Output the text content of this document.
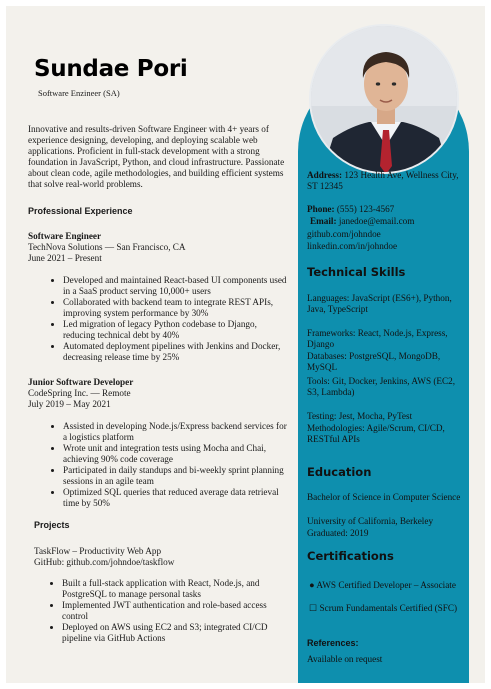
Sundae Pori
Software Enzineer (SA)
Innovative and results-driven Software Engineer with 4+ years of experience designing, developing, and deploying scalable web applications. Proficient in full-stack development with a strong foundation in JavaScript, Python, and cloud infrastructure. Passionate about clean code, agile methodologies, and building efficient systems that solve real-world problems.
Professional Experience
Software Engineer
TechNova Solutions — San Francisco, CA
June 2021 – Present
• Developed and maintained React-based UI components used in a SaaS product serving 10,000+ users
• Collaborated with backend team to integrate REST APIs, improving system performance by 30%
• Led migration of legacy Python codebase to Django, reducing technical debt by 40%
• Automated deployment pipelines with Jenkins and Docker, decreasing release time by 25%
Junior Software Developer
CodeSpring Inc. — Remote
July 2019 – May 2021
• Assisted in developing Node.js/Express backend services for a logistics platform
• Wrote unit and integration tests using Mocha and Chai, achieving 90% code coverage
• Participated in daily standups and bi-weekly sprint planning sessions in an agile team
• Optimized SQL queries that reduced average data retrieval time by 50%
Projects
TaskFlow – Productivity Web App
GitHub: github.com/johndoe/taskflow
• Built a full-stack application with React, Node.js, and PostgreSQL to manage personal tasks
• Implemented JWT authentication and role-based access control
• Deployed on AWS using EC2 and S3; integrated CI/CD pipeline via GitHub Actions
Address: 123 Health Ave, Wellness City, ST 12345
Phone: (555) 123-4567
Email: janedoe@email.com
github.com/johndoe
linkedin.com/in/johndoe
Technical Skills
Languages: JavaScript (ES6+), Python, Java, TypeScript
Frameworks: React, Node.js, Express, Django
Databases: PostgreSQL, MongoDB, MySQL
Tools: Git, Docker, Jenkins, AWS (EC2, S3, Lambda)
Testing: Jest, Mocha, PyTest
Methodologies: Agile/Scrum, CI/CD, RESTful APIs
Education
Bachelor of Science in Computer Science
University of California, Berkeley
Graduated: 2019
Certifications
● AWS Certified Developer – Associate
☐ Scrum Fundamentals Certified (SFC)
References:
Available on request
